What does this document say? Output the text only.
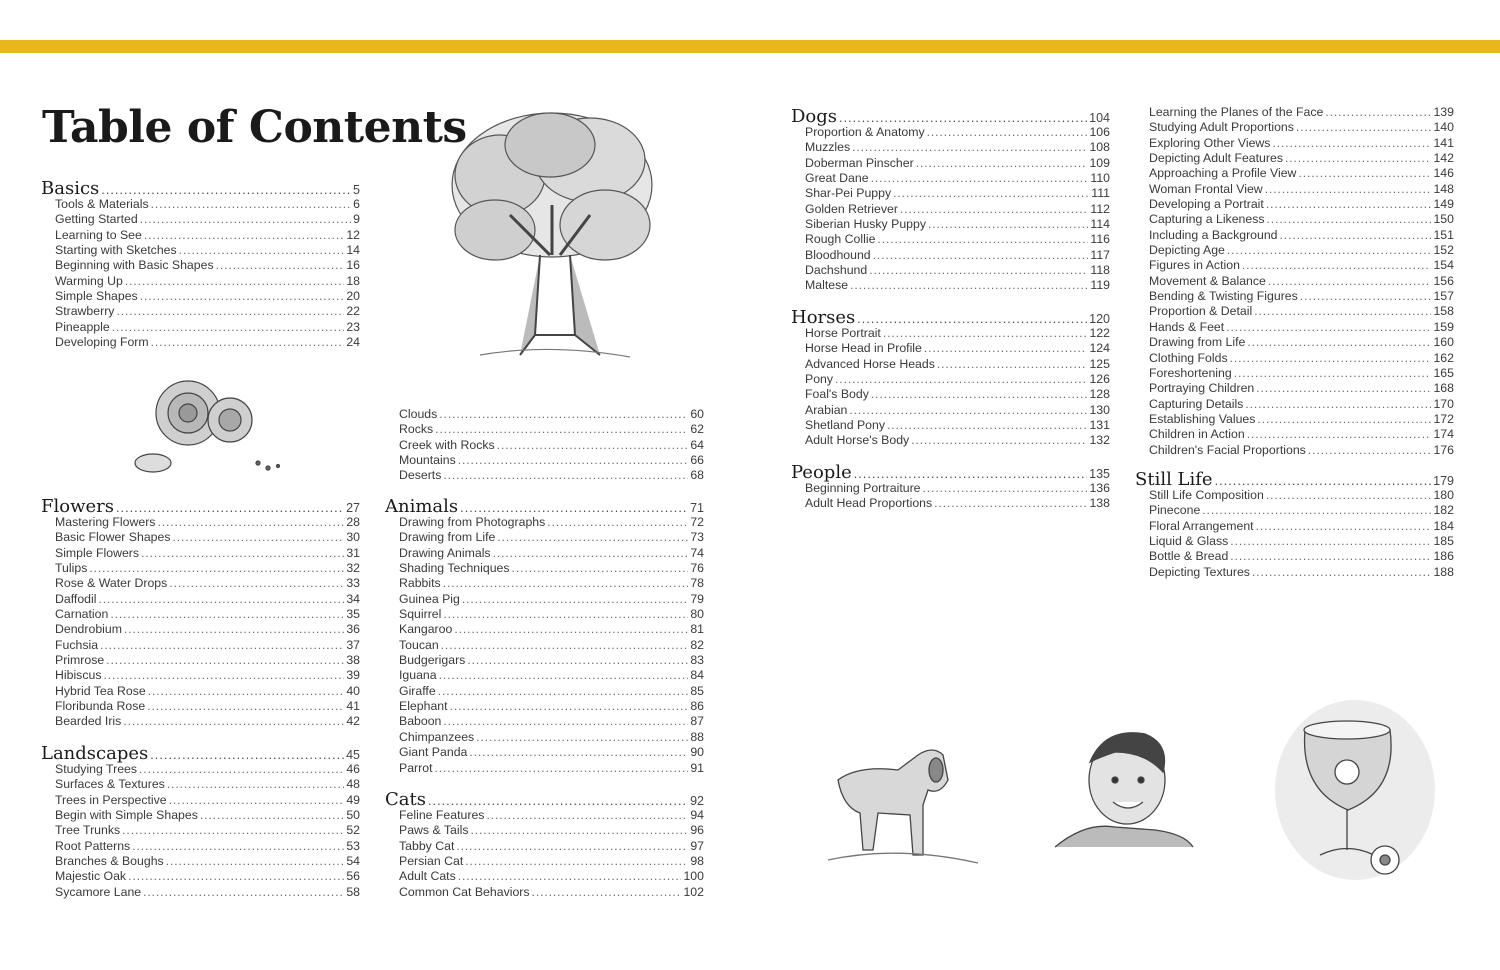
Table of Contents
Basics . . .	5
Tools & Materials . . .	6
Getting Started . . .	9
Learning to See . . .	12
Starting with Sketches . . .	14
Beginning with Basic Shapes . . .	16
Warming Up . . .	18
Simple Shapes . . .	20
Strawberry . . .	22
Pineapple . . .	23
Developing Form . . .	24
Flowers . . .	27
Mastering Flowers . . .	28
Basic Flower Shapes . . .	30
Simple Flowers . . .	31
Tulips . . .	32
Rose & Water Drops . . .	33
Daffodil . . .	34
Carnation . . .	35
Dendrobium . . .	36
Fuchsia . . .	37
Primrose . . .	38
Hibiscus . . .	39
Hybrid Tea Rose . . .	40
Floribunda Rose . . .	41
Bearded Iris . . .	42
Landscapes . . .	45
Studying Trees . . .	46
Surfaces & Textures . . .	48
Trees in Perspective . . .	49
Begin with Simple Shapes . . .	50
Tree Trunks . . .	52
Root Patterns . . .	53
Branches & Boughs . . .	54
Majestic Oak . . .	56
Sycamore Lane . . .	58
Clouds . . .	60
Rocks . . .	62
Creek with Rocks . . .	64
Mountains . . .	66
Deserts . . .	68
Animals . . .	71
Drawing from Photographs . . .	72
Drawing from Life . . .	73
Drawing Animals . . .	74
Shading Techniques . . .	76
Rabbits . . .	78
Guinea Pig . . .	79
Squirrel . . .	80
Kangaroo . . .	81
Toucan . . .	82
Budgerigars . . .	83
Iguana . . .	84
Giraffe . . .	85
Elephant . . .	86
Baboon . . .	87
Chimpanzees . . .	88
Giant Panda . . .	90
Parrot . . .	91
Cats . . .	92
Feline Features . . .	94
Paws & Tails . . .	96
Tabby Cat . . .	97
Persian Cat . . .	98
Adult Cats . . .	100
Common Cat Behaviors . . .	102
Dogs . . .	104
Proportion & Anatomy . . .	106
Muzzles . . .	108
Doberman Pinscher . . .	109
Great Dane . . .	110
Shar-Pei Puppy . . .	111
Golden Retriever . . .	112
Siberian Husky Puppy . . .	114
Rough Collie . . .	116
Bloodhound . . .	117
Dachshund . . .	118
Maltese . . .	119
Horses . . .	120
Horse Portrait . . .	122
Horse Head in Profile . . .	124
Advanced Horse Heads . . .	125
Pony . . .	126
Foal's Body . . .	128
Arabian . . .	130
Shetland Pony . . .	131
Adult Horse's Body . . .	132
People . . .	135
Beginning Portraiture . . .	136
Adult Head Proportions . . .	138
Learning the Planes of the Face . . .	139
Studying Adult Proportions . . .	140
Exploring Other Views . . .	141
Depicting Adult Features . . .	142
Approaching a Profile View . . .	146
Woman Frontal View . . .	148
Developing a Portrait . . .	149
Capturing a Likeness . . .	150
Including a Background . . .	151
Depicting Age . . .	152
Figures in Action . . .	154
Movement & Balance . . .	156
Bending & Twisting Figures . . .	157
Proportion & Detail . . .	158
Hands & Feet . . .	159
Drawing from Life . . .	160
Clothing Folds . . .	162
Foreshortening . . .	165
Portraying Children . . .	168
Capturing Details . . .	170
Establishing Values . . .	172
Children in Action . . .	174
Children's Facial Proportions . . .	176
Still Life . . .	179
Still Life Composition . . .	180
Pinecone . . .	182
Floral Arrangement . . .	184
Liquid & Glass . . .	185
Bottle & Bread . . .	186
Depicting Textures . . .	188
